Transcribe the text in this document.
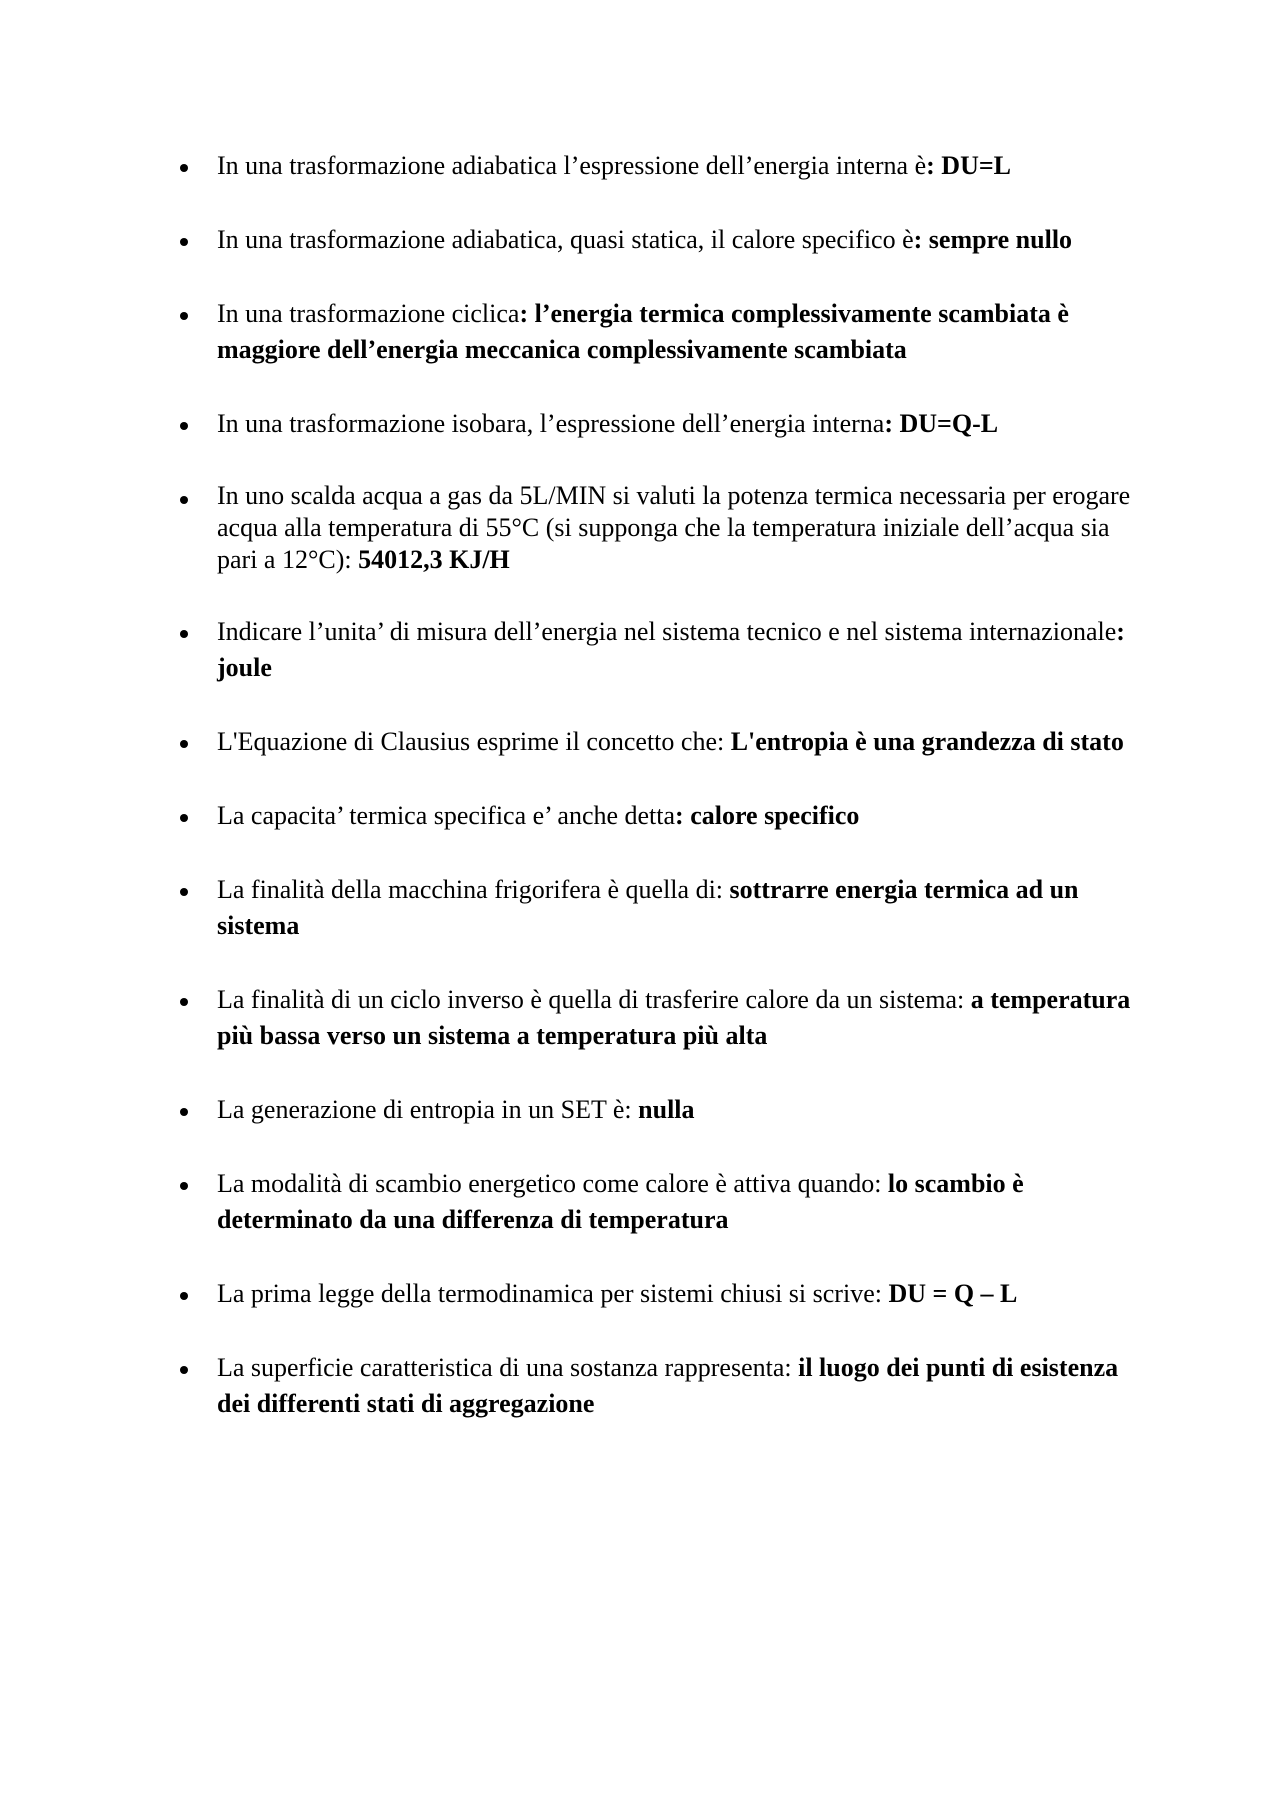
In una trasformazione adiabatica l’espressione dell’energia interna è: DU=L
In una trasformazione adiabatica, quasi statica, il calore specifico è: sempre nullo
In una trasformazione ciclica: l’energia termica complessivamente scambiata è maggiore dell’energia meccanica complessivamente scambiata
In una trasformazione isobara, l’espressione dell’energia interna: DU=Q-L
In uno scalda acqua a gas da 5L/MIN si valuti la potenza termica necessaria per erogare acqua alla temperatura di 55°C (si supponga che la temperatura iniziale dell’acqua sia pari a 12°C): 54012,3 KJ/H
Indicare l’unita’ di misura dell’energia nel sistema tecnico e nel sistema internazionale: joule
L'Equazione di Clausius esprime il concetto che: L'entropia è una grandezza di stato
La capacita’ termica specifica e’ anche detta: calore specifico
La finalità della macchina frigorifera è quella di: sottrarre energia termica ad un sistema
La finalità di un ciclo inverso è quella di trasferire calore da un sistema: a temperatura più bassa verso un sistema a temperatura più alta
La generazione di entropia in un SET è: nulla
La modalità di scambio energetico come calore è attiva quando: lo scambio è determinato da una differenza di temperatura
La prima legge della termodinamica per sistemi chiusi si scrive: DU = Q – L
La superficie caratteristica di una sostanza rappresenta: il luogo dei punti di esistenza dei differenti stati di aggregazione
